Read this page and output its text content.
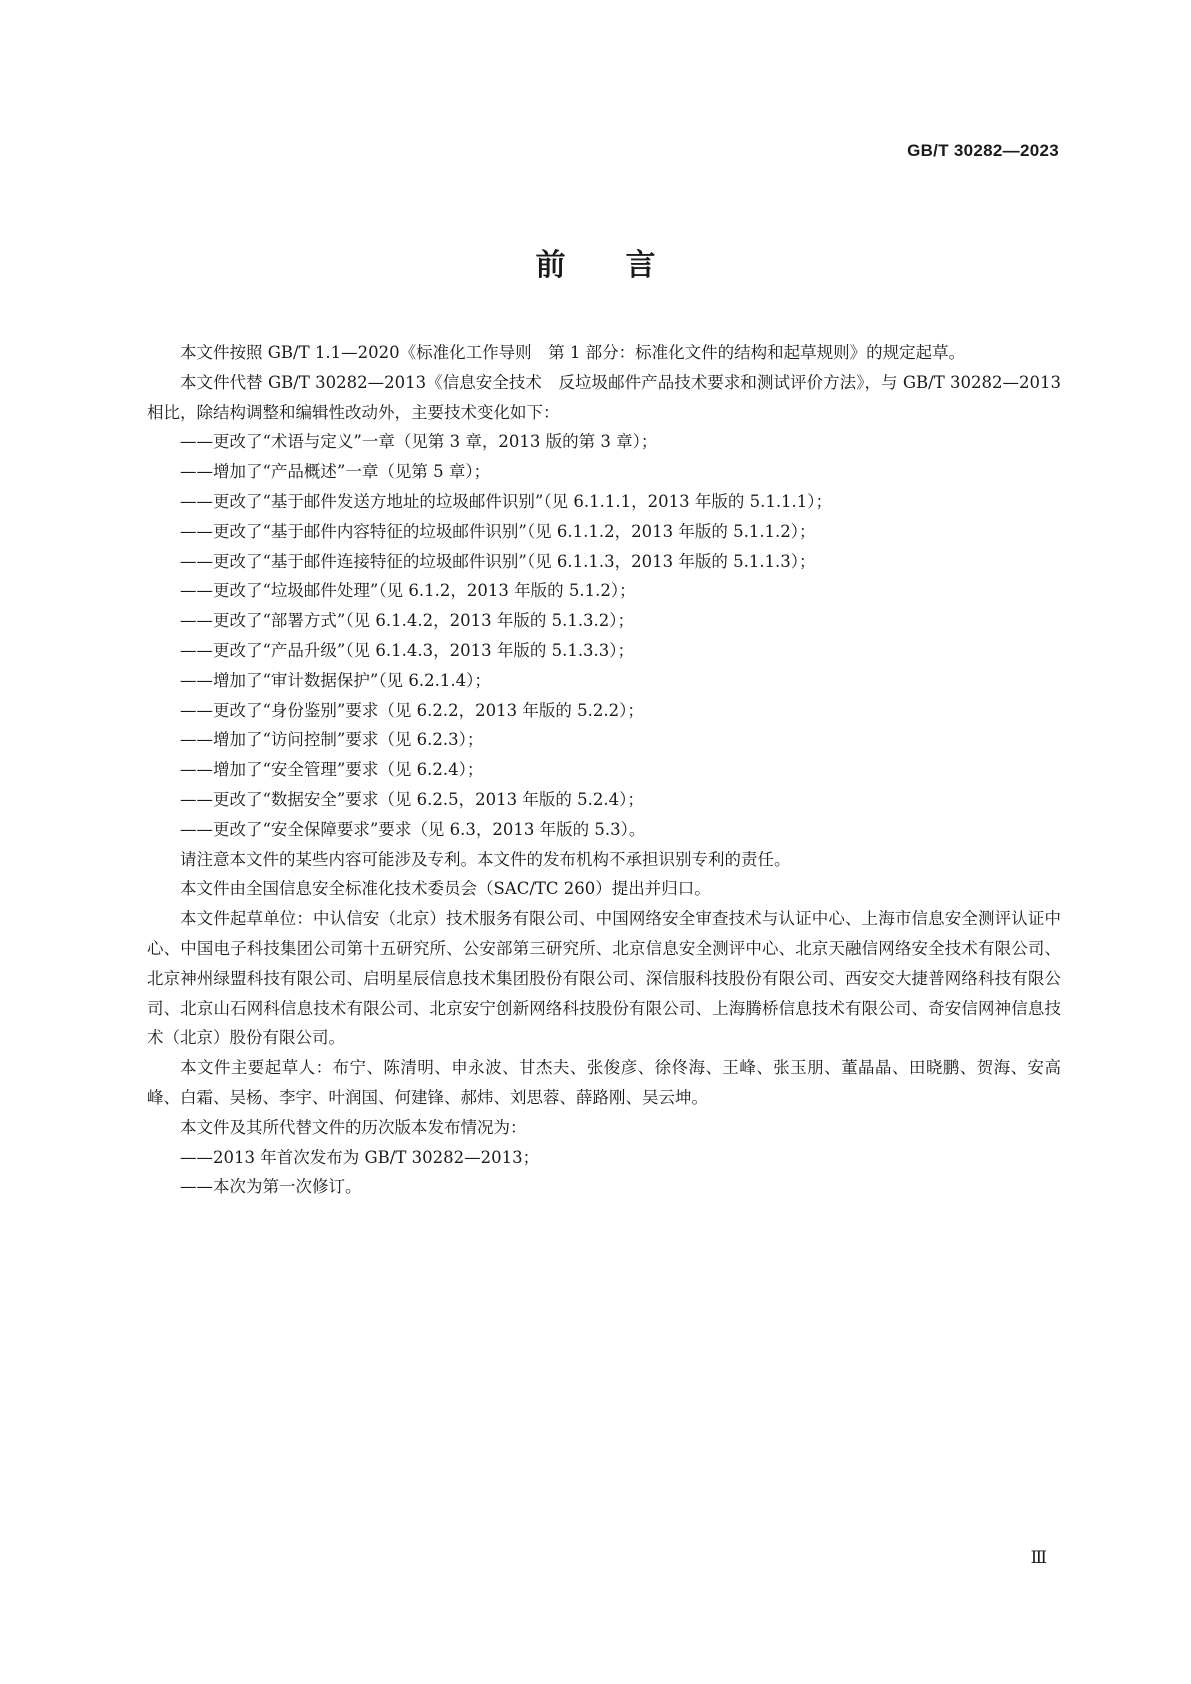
GB/T 30282—2023
前言

本文件按照 GB/T 1.1—2020《标准化工作导则　第 1 部分：标准化文件的结构和起草规则》的规定起草。

本文件代替 GB/T 30282—2013《信息安全技术　反垃圾邮件产品技术要求和测试评价方法》，与 GB/T 30282—2013 相比，除结构调整和编辑性改动外，主要技术变化如下：

——更改了“术语与定义”一章（见第 3 章，2013 版的第 3 章）；

——增加了“产品概述”一章（见第 5 章）；

——更改了“基于邮件发送方地址的垃圾邮件识别”（见 6.1.1.1，2013 年版的 5.1.1.1）；

——更改了“基于邮件内容特征的垃圾邮件识别”（见 6.1.1.2，2013 年版的 5.1.1.2）；

——更改了“基于邮件连接特征的垃圾邮件识别”（见 6.1.1.3，2013 年版的 5.1.1.3）；

——更改了“垃圾邮件处理”（见 6.1.2，2013 年版的 5.1.2）；

——更改了“部署方式”（见 6.1.4.2，2013 年版的 5.1.3.2）；

——更改了“产品升级”（见 6.1.4.3，2013 年版的 5.1.3.3）；

——增加了“审计数据保护”（见 6.2.1.4）；

——更改了“身份鉴别”要求（见 6.2.2，2013 年版的 5.2.2）；

——增加了“访问控制”要求（见 6.2.3）；

——增加了“安全管理”要求（见 6.2.4）；

——更改了“数据安全”要求（见 6.2.5，2013 年版的 5.2.4）；

——更改了“安全保障要求”要求（见 6.3，2013 年版的 5.3）。

请注意本文件的某些内容可能涉及专利。本文件的发布机构不承担识别专利的责任。

本文件由全国信息安全标准化技术委员会（SAC/TC 260）提出并归口。

本文件起草单位：中认信安（北京）技术服务有限公司、中国网络安全审查技术与认证中心、上海市信息安全测评认证中心、中国电子科技集团公司第十五研究所、公安部第三研究所、北京信息安全测评中心、北京天融信网络安全技术有限公司、北京神州绿盟科技有限公司、启明星辰信息技术集团股份有限公司、深信服科技股份有限公司、西安交大捷普网络科技有限公司、北京山石网科信息技术有限公司、北京安宁创新网络科技股份有限公司、上海腾桥信息技术有限公司、奇安信网神信息技术（北京）股份有限公司。

本文件主要起草人：布宁、陈清明、申永波、甘杰夫、张俊彦、徐佟海、王峰、张玉朋、董晶晶、田晓鹏、贺海、安高峰、白霜、吴杨、李宇、叶润国、何建锋、郝炜、刘思蓉、薛路刚、吴云坤。

本文件及其所代替文件的历次版本发布情况为：

——2013 年首次发布为 GB/T 30282—2013；

——本次为第一次修订。

Ⅲ
